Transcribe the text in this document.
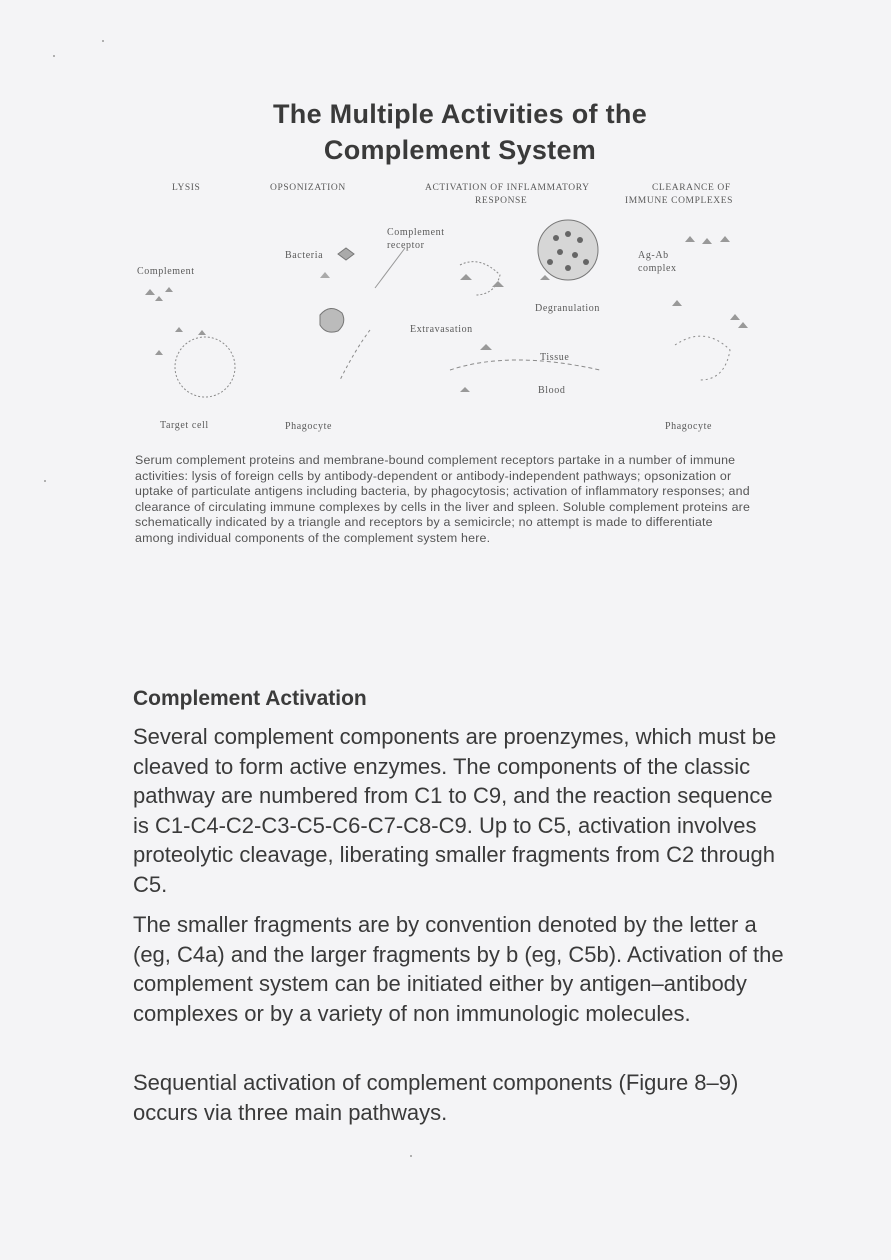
The Multiple Activities of the
Complement System
LYSIS	OPSONIZATION	ACTIVATION OF INFLAMMATORY
RESPONSE
CLEARANCE OF
IMMUNE COMPLEXES
Complement
Bacteria
Complement
receptor
Ag-Ab
complex
Degranulation
Extravasation
Tissue
Blood
Target cell	Phagocyte	Phagocyte
Serum complement proteins and membrane-bound complement receptors partake in a number of immune activities: lysis of foreign cells by antibody-dependent or antibody-independent pathways; opsonization or uptake of particulate antigens including bacteria, by phagocytosis; activation of inflammatory responses; and clearance of circulating immune complexes by cells in the liver and spleen. Soluble complement proteins are schematically indicated by a triangle and receptors by a semicircle; no attempt is made to differentiate among individual components of the complement system here.
Complement Activation
Several complement components are proenzymes, which must be cleaved to form active enzymes. The components of the classic pathway are numbered from C1 to C9, and the reaction sequence is C1-C4-C2-C3-C5-C6-C7-C8-C9. Up to C5, activation involves proteolytic cleavage, liberating smaller fragments from C2 through C5.
The smaller fragments are by convention denoted by the letter a (eg, C4a) and the larger fragments by b (eg, C5b). Activation of the complement system can be initiated either by antigen–antibody complexes or by a variety of non immunologic molecules.
Sequential activation of complement components (Figure 8–9) occurs via three main pathways.
